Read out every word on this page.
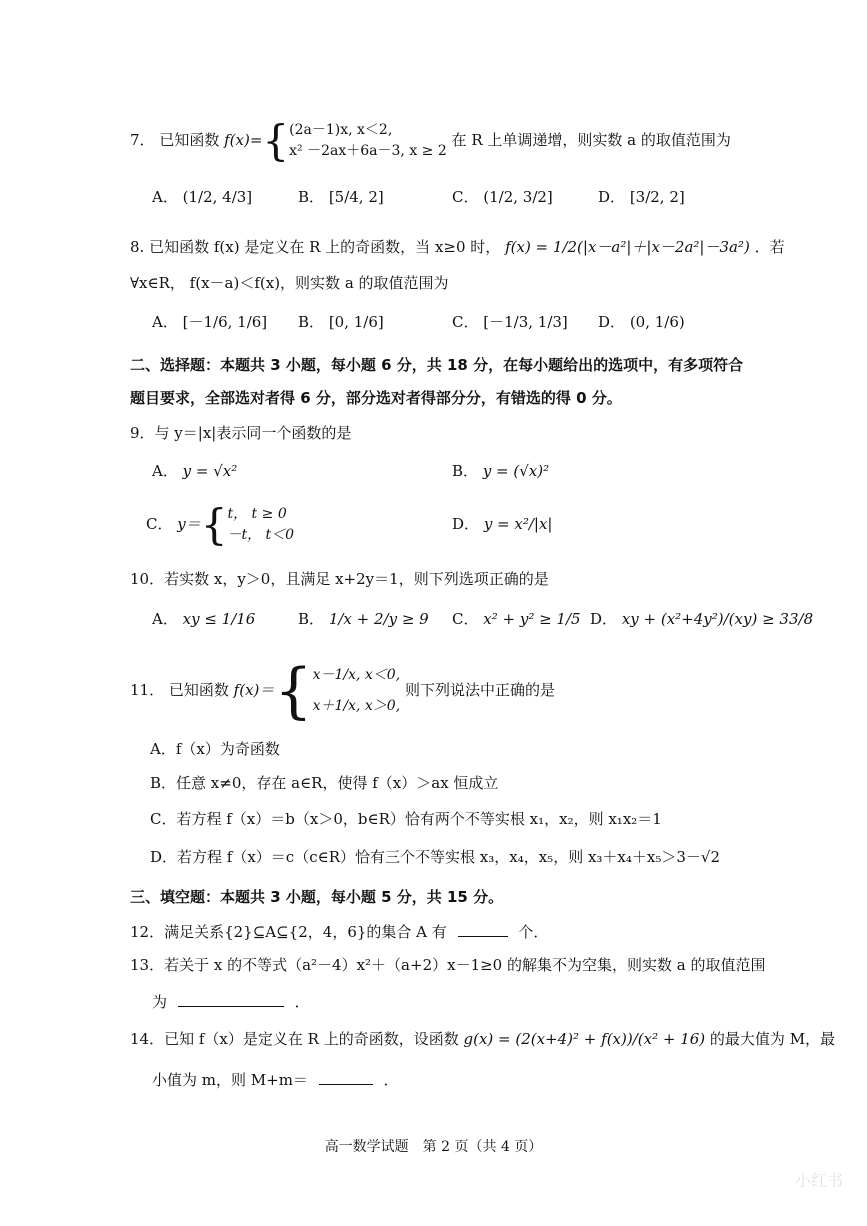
7． 已知函数 f(x)={ (2a－1)x, x＜2,
x² －2ax＋6a－3, x ≥ 2
在 R 上单调递增，则实数 a 的取值范围为
A． (1/2, 4/3]	B． [5/4, 2]	C． (1/2, 3/2]	D． [3/2, 2]
8. 已知函数 f(x) 是定义在 R 上的奇函数，当 x≥0 时， f(x) = 1/2(|x－a²|＋|x－2a²|－3a²) ．若
∀x∈R， f(x－a)＜f(x)，则实数 a 的取值范围为
A． [－1/6, 1/6] B． [0, 1/6]	C． [－1/3, 1/3] D． (0, 1/6)
二、选择题：本题共 3 小题，每小题 6 分，共 18 分，在每小题给出的选项中，有多项符合
题目要求，全部选对者得 6 分，部分选对者得部分分，有错选的得 0 分。
9．与 y＝|x|表示同一个函数的是
A． y = √x²	B． y = (√x)²
C． y＝{ t， t ≥ 0
－t， t＜0
D． y = x²/|x|
10．若实数 x，y＞0，且满足 x+2y＝1，则下列选项正确的是
A． xy ≤ 1/16	B． 1/x + 2/y ≥ 9 C． x² + y² ≥ 1/5 D． xy + (x²+4y²)/(xy) ≥ 33/8
11． 已知函数 f(x)＝{ x－1/x, x＜0,
x＋1/x, x＞0,
则下列说法中正确的是
A．f（x）为奇函数
B．任意 x≠0，存在 a∈R，使得 f（x）＞ax 恒成立
C．若方程 f（x）＝b（x＞0，b∈R）恰有两个不等实根 x₁，x₂，则 x₁x₂＝1
D．若方程 f（x）＝c（c∈R）恰有三个不等实根 x₃，x₄，x₅，则 x₃＋x₄＋x₅＞3－√2
三、填空题：本题共 3 小题，每小题 5 分，共 15 分。
12．满足关系{2}⊆A⊆{2，4，6}的集合 A 有	个．
13．若关于 x 的不等式（a²－4）x²＋（a+2）x－1≥0 的解集不为空集，则实数 a 的取值范围
为	．
14．已知 f（x）是定义在 R 上的奇函数，设函数 g(x) = (2(x+4)² + f(x))/(x² + 16) 的最大值为 M，最
小值为 m，则 M+m＝	．
高一数学试题　第 2 页（共 4 页）
小红书
